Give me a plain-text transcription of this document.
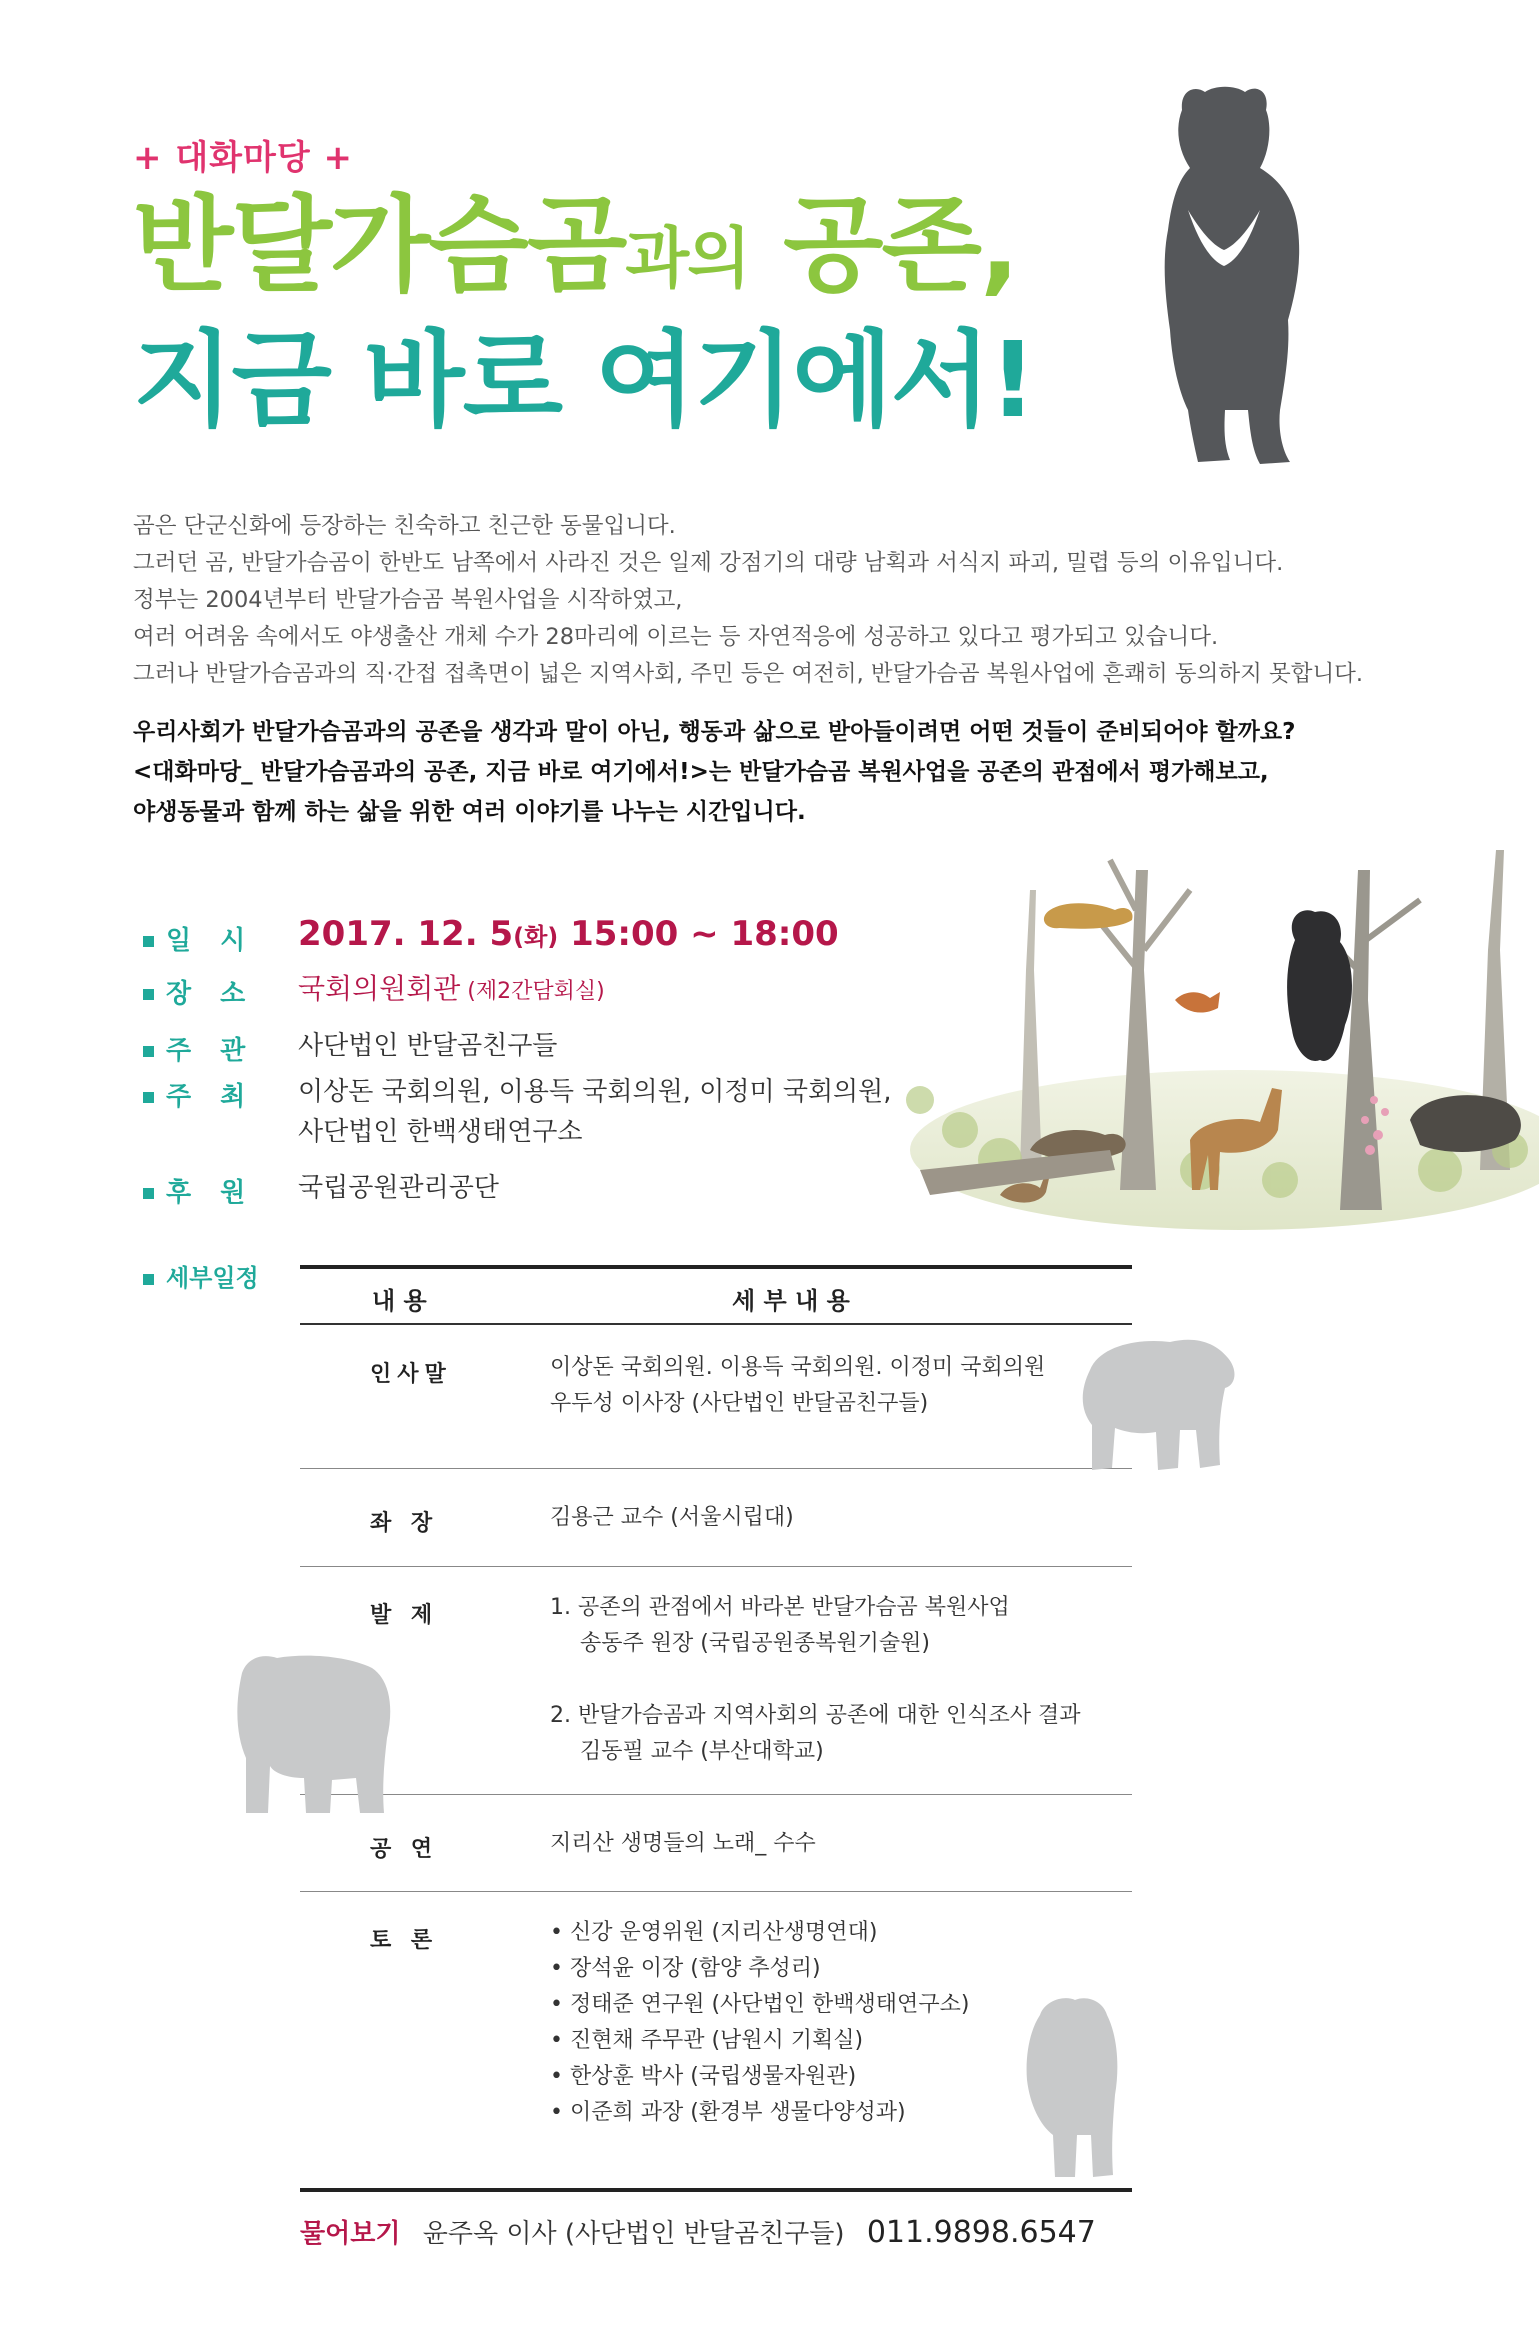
+ 대화마당 +
반달가슴곰과의 공존,
지금 바로 여기에서!

곰은 단군신화에 등장하는 친숙하고 친근한 동물입니다.

그러던 곰, 반달가슴곰이 한반도 남쪽에서 사라진 것은 일제 강점기의 대량 남획과 서식지 파괴, 밀렵 등의 이유입니다.

정부는 2004년부터 반달가슴곰 복원사업을 시작하였고,

여러 어려움 속에서도 야생출산 개체 수가 28마리에 이르는 등 자연적응에 성공하고 있다고 평가되고 있습니다.

그러나 반달가슴곰과의 직·간접 접촉면이 넓은 지역사회, 주민 등은 여전히, 반달가슴곰 복원사업에 흔쾌히 동의하지 못합니다.

우리사회가 반달가슴곰과의 공존을 생각과 말이 아닌, 행동과 삶으로 받아들이려면 어떤 것들이 준비되어야 할까요?

<대화마당_ 반달가슴곰과의 공존, 지금 바로 여기에서!>는 반달가슴곰 복원사업을 공존의 관점에서 평가해보고,

야생동물과 함께 하는 삶을 위한 여러 이야기를 나누는 시간입니다.

일 시	2017. 12. 5(화) 15:00 ~ 18:00
장 소	국회의원회관 (제2간담회실)
주 관	사단법인 반달곰친구들
주 최	이상돈 국회의원, 이용득 국회의원, 이정미 국회의원,
사단법인 한백생태연구소
후 원	국립공원관리공단
세부일정
내 용	세 부 내 용
인사말	이상돈 국회의원. 이용득 국회의원. 이정미 국회의원

우두성 이사장 (사단법인 반달곰친구들)

좌 장	김용근 교수 (서울시립대)

발 제	1. 공존의 관점에서 바라본 반달가슴곰 복원사업

송동주 원장 (국립공원종복원기술원)

2. 반달가슴곰과 지역사회의 공존에 대한 인식조사 결과

김동필 교수 (부산대학교)

공 연	지리산 생명들의 노래_ 수수

토 론	• 신강 운영위원 (지리산생명연대)

• 장석윤 이장 (함양 추성리)

• 정태준 연구원 (사단법인 한백생태연구소)

• 진현채 주무관 (남원시 기획실)

• 한상훈 박사 (국립생물자원관)

• 이준희 과장 (환경부 생물다양성과)

물어보기 윤주옥 이사 (사단법인 반달곰친구들) 011.9898.6547
